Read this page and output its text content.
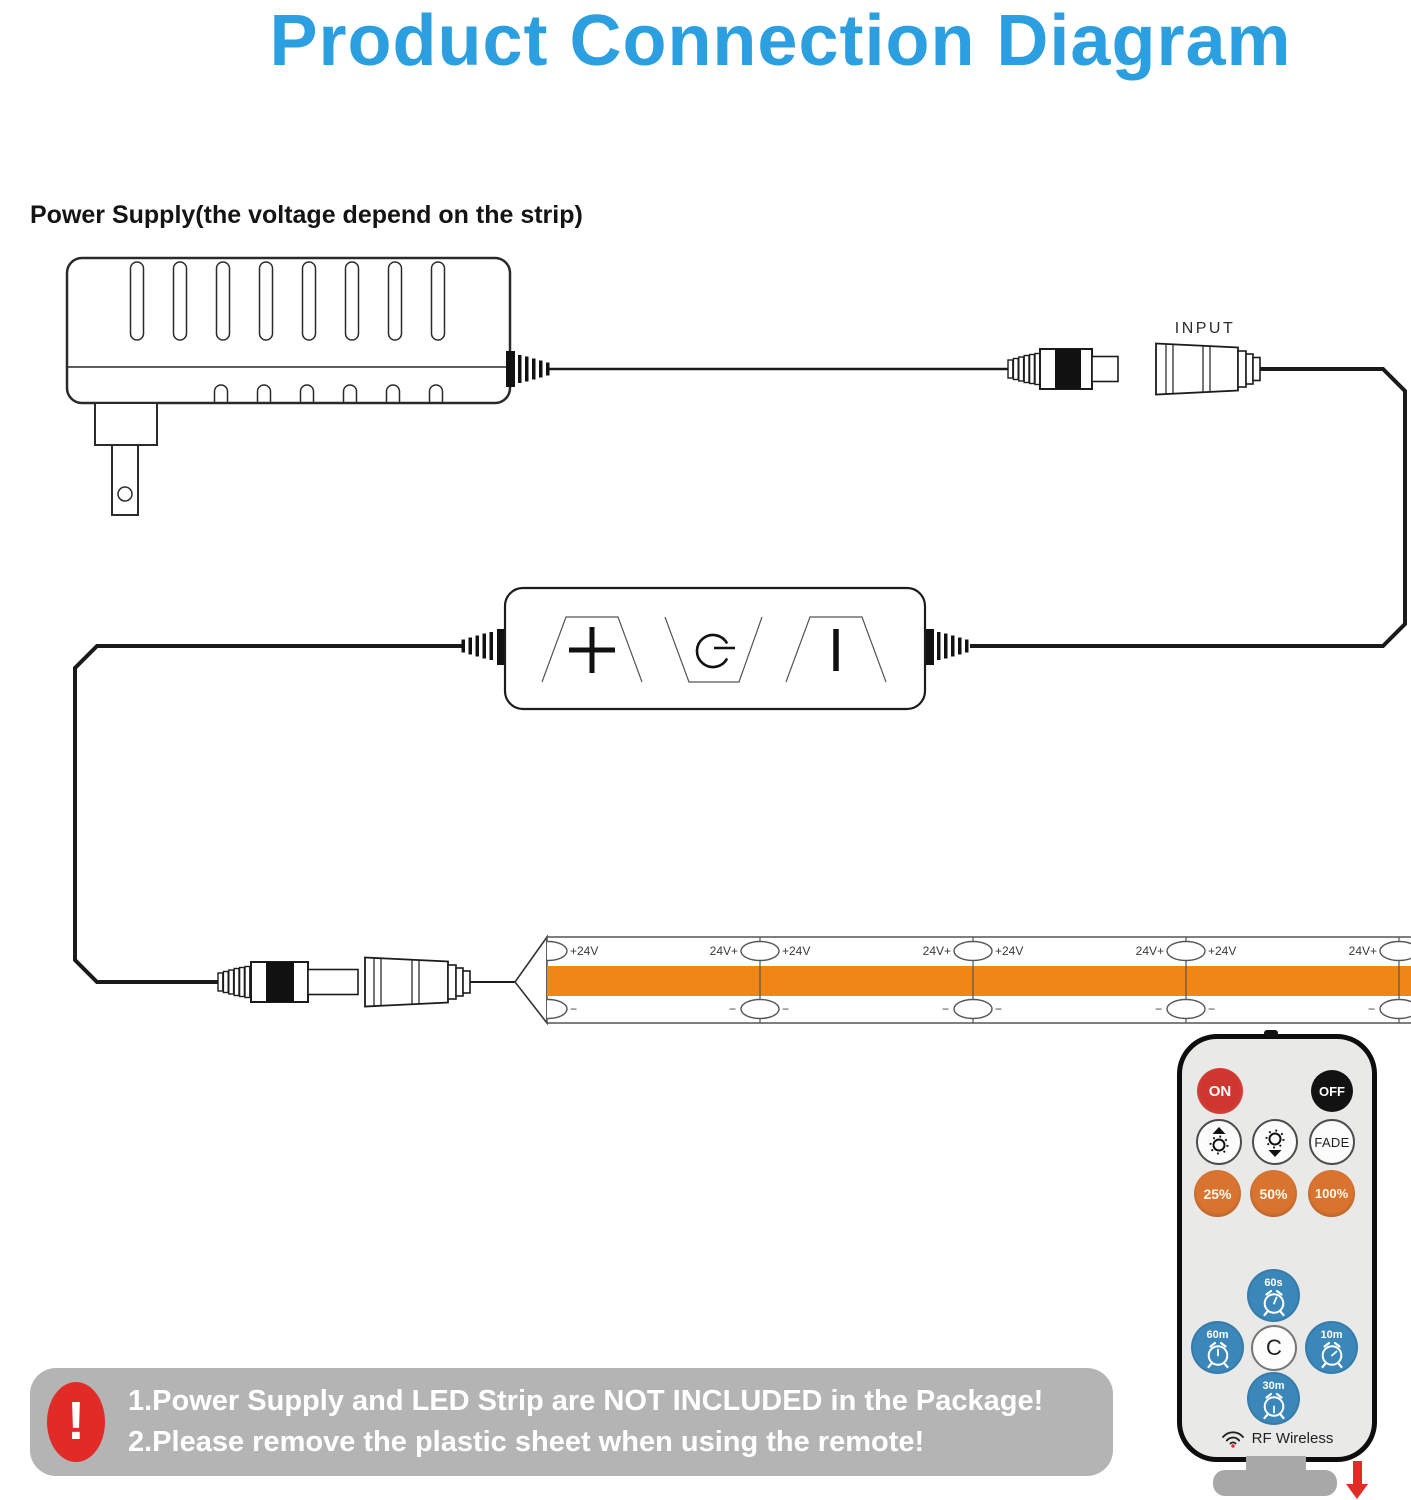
Product Connection Diagram
Power Supply(the voltage depend on the strip)
INPUT
+24V	24V+	+24V	24V+	+24V	24V+	+24V	24V+
−	−	−	−	−	−	−	−
ON	OFF
FADE
25% 50% 100%
60s
60m
C
10m
30m
RF Wireless
!	1.Power Supply and LED Strip are NOT INCLUDED in the Package!
2.Please remove the plastic sheet when using the remote!
